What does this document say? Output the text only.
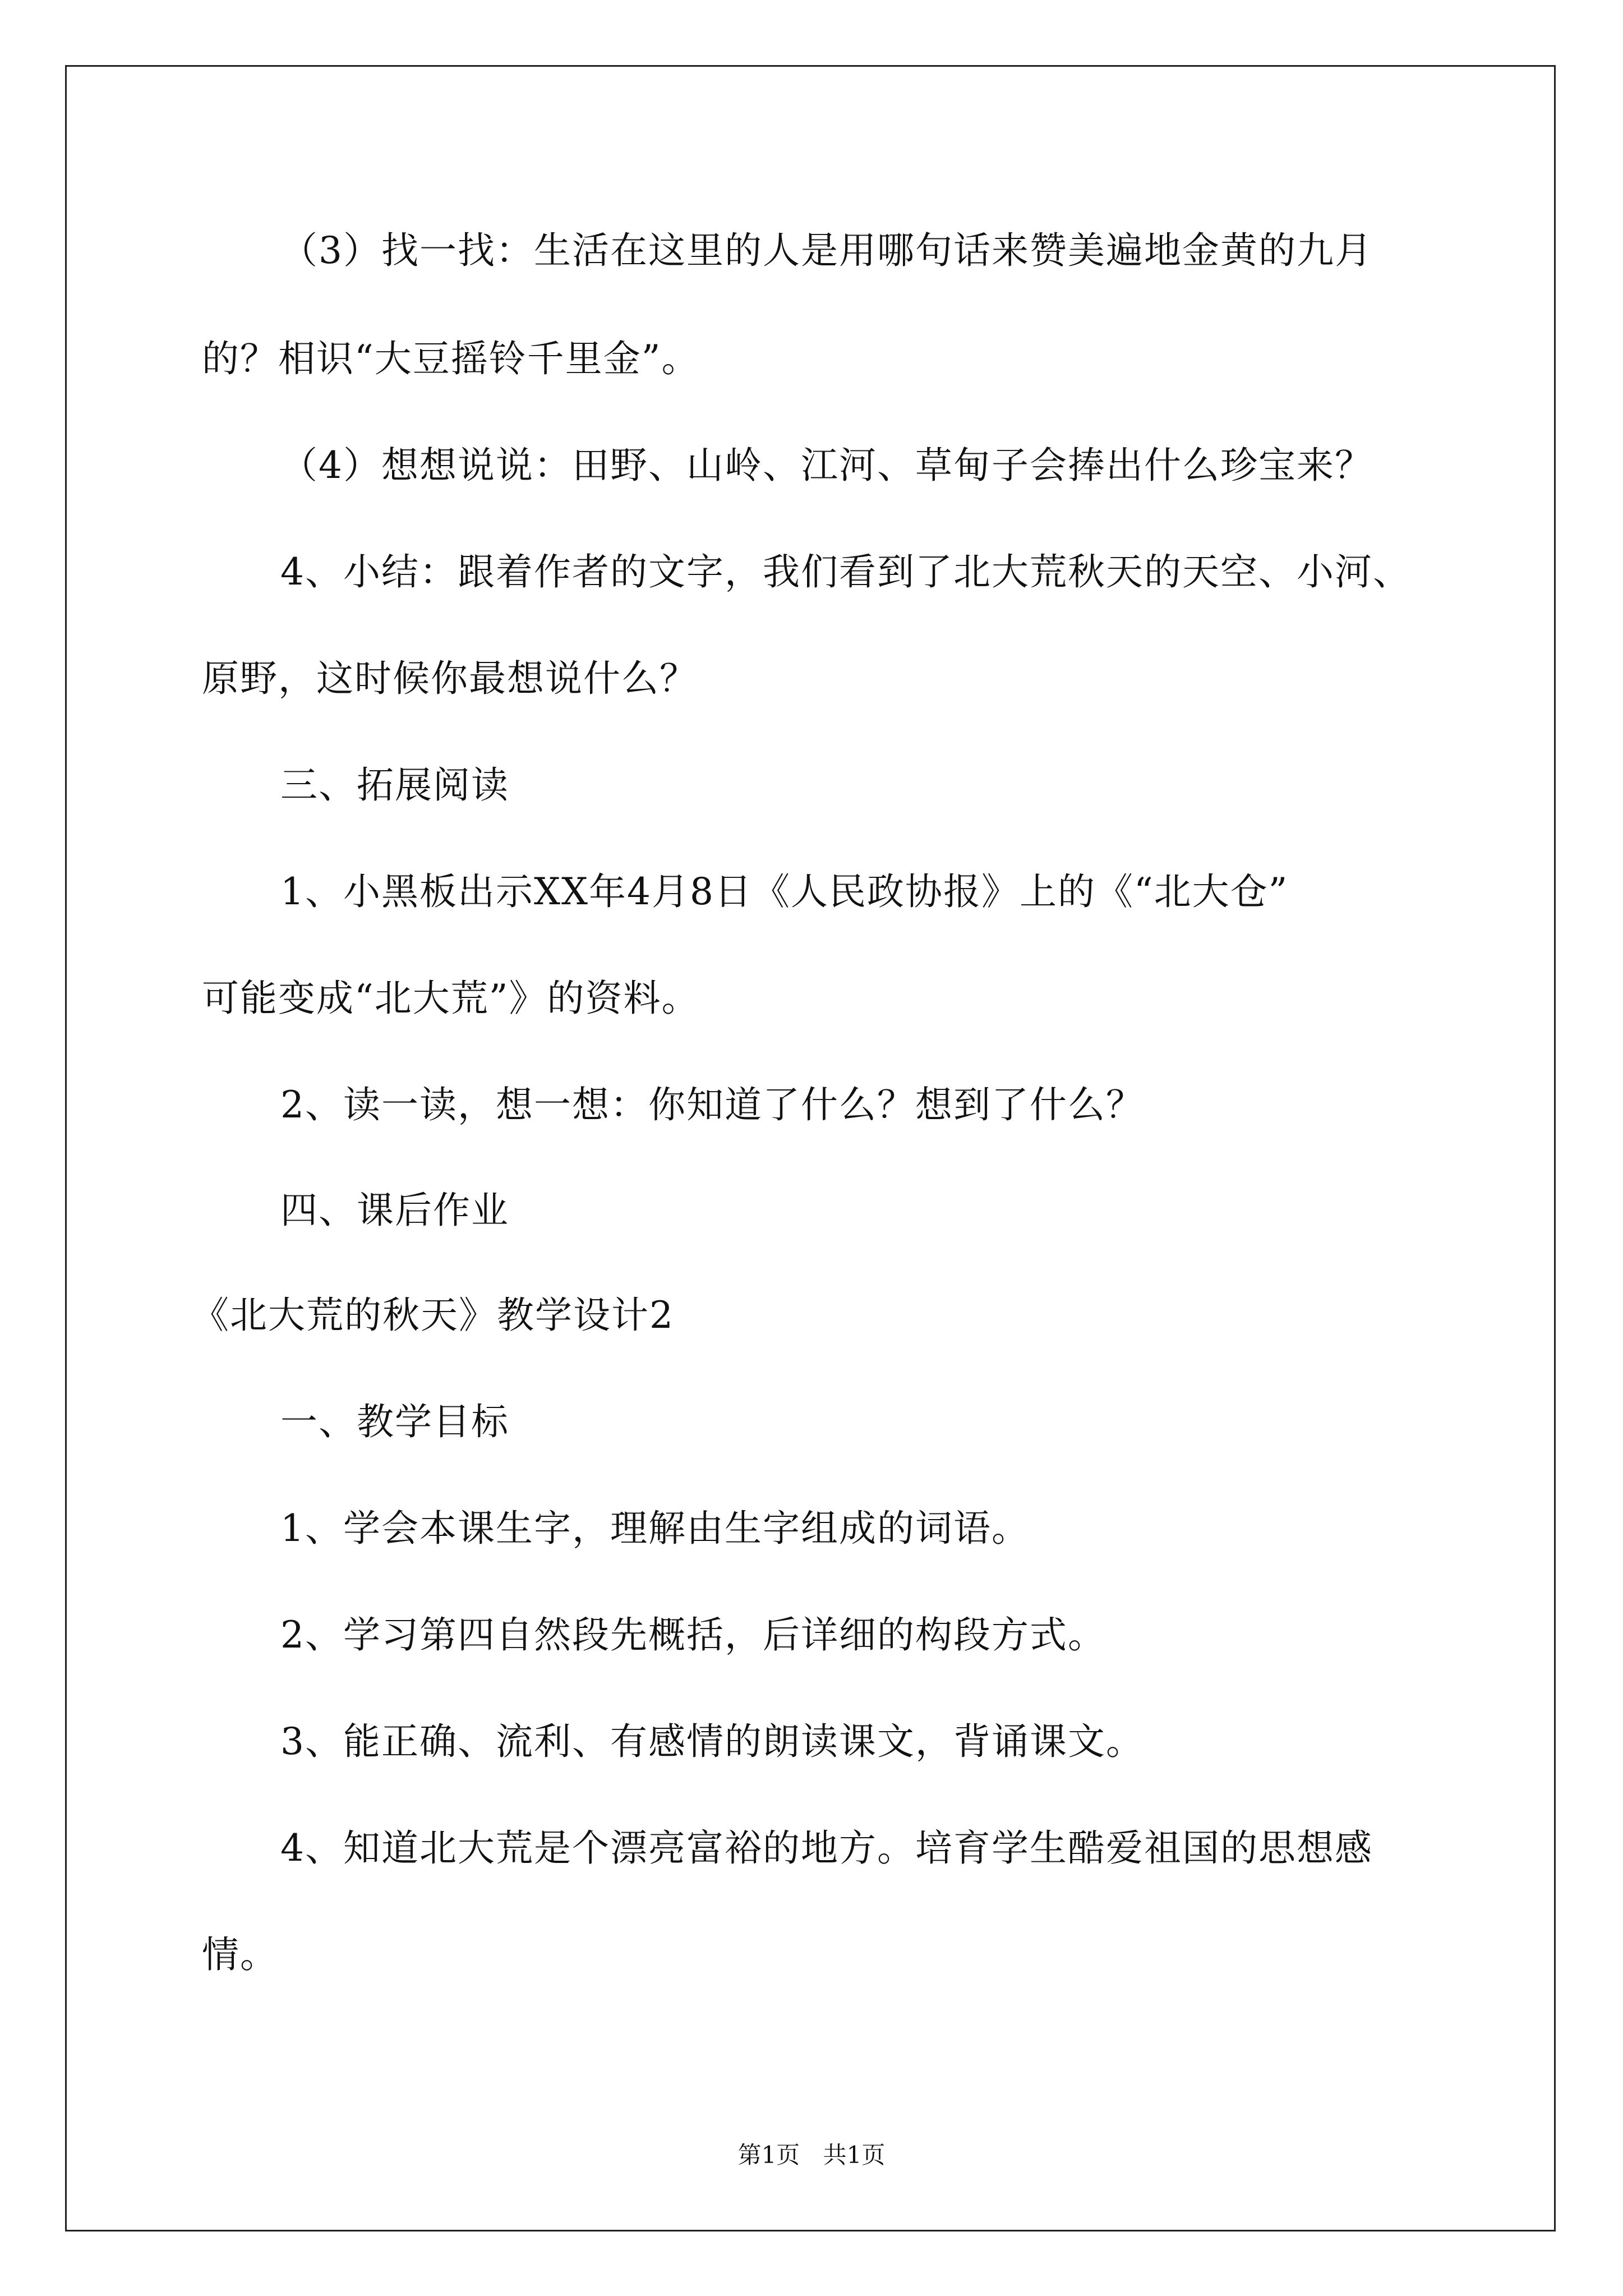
（3）找一找：生活在这里的人是用哪句话来赞美遍地金黄的九月

的？相识“大豆摇铃千里金”。

（4）想想说说：田野、山岭、江河、草甸子会捧出什么珍宝来？

4、小结：跟着作者的文字，我们看到了北大荒秋天的天空、小河、

原野，这时候你最想说什么？

三、拓展阅读

1、小黑板出示XX年4月8日《人民政协报》上的《“北大仓”

可能变成“北大荒”》的资料。

2、读一读，想一想：你知道了什么？想到了什么？

四、课后作业

《北大荒的秋天》教学设计2

一、教学目标

1、学会本课生字，理解由生字组成的词语。

2、学习第四自然段先概括，后详细的构段方式。

3、能正确、流利、有感情的朗读课文，背诵课文。

4、知道北大荒是个漂亮富裕的地方。培育学生酷爱祖国的思想感

情。

第1页 共1页
